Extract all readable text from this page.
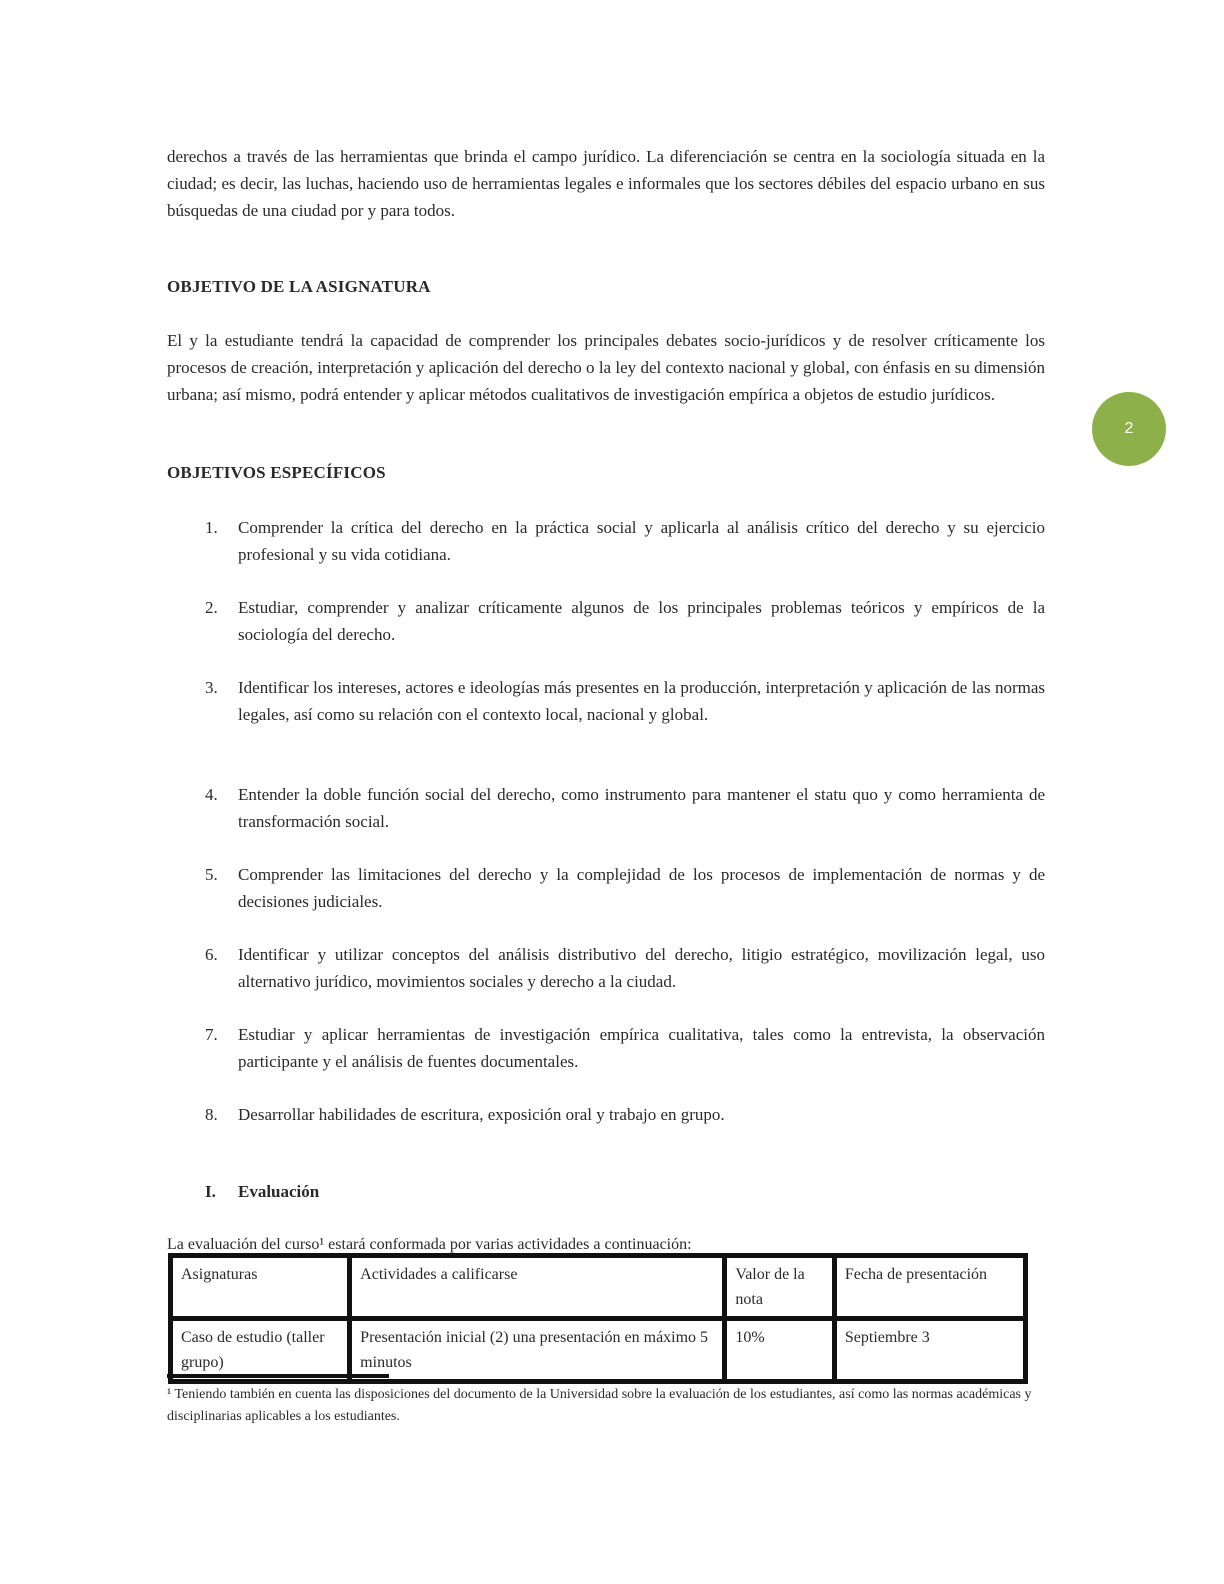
derechos a través de las herramientas que brinda el campo jurídico. La diferenciación se centra en la sociología situada en la ciudad; es decir, las luchas, haciendo uso de herramientas legales e informales que los sectores débiles del espacio urbano en sus búsquedas de una ciudad por y para todos.

OBJETIVO DE LA ASIGNATURA

El y la estudiante tendrá la capacidad de comprender los principales debates socio-jurídicos y de resolver críticamente los procesos de creación, interpretación y aplicación del derecho o la ley del contexto nacional y global, con énfasis en su dimensión urbana; así mismo, podrá entender y aplicar métodos cualitativos de investigación empírica a objetos de estudio jurídicos.

OBJETIVOS ESPECÍFICOS
1.	Comprender la crítica del derecho en la práctica social y aplicarla al análisis crítico del derecho y su ejercicio profesional y su vida cotidiana.
2.	Estudiar, comprender y analizar críticamente algunos de los principales problemas teóricos y empíricos de la sociología del derecho.
3.	Identificar los intereses, actores e ideologías más presentes en la producción, interpretación y aplicación de las normas legales, así como su relación con el contexto local, nacional y global.
4.	Entender la doble función social del derecho, como instrumento para mantener el statu quo y como herramienta de transformación social.
5.	Comprender las limitaciones del derecho y la complejidad de los procesos de implementación de normas y de decisiones judiciales.
6.	Identificar y utilizar conceptos del análisis distributivo del derecho, litigio estratégico, movilización legal, uso alternativo jurídico, movimientos sociales y derecho a la ciudad.
7.	Estudiar y aplicar herramientas de investigación empírica cualitativa, tales como la entrevista, la observación participante y el análisis de fuentes documentales.
8.	Desarrollar habilidades de escritura, exposición oral y trabajo en grupo.
I.	Evaluación
La evaluación del curso¹ estará conformada por varias actividades a continuación:
Asignaturas	Actividades a calificarse	Valor de la nota	Fecha de presentación
Caso de estudio (taller grupo)	Presentación inicial (2) una presentación en máximo 5 minutos	10%	Septiembre 3
¹ Teniendo también en cuenta las disposiciones del documento de la Universidad sobre la evaluación de los estudiantes, así como las normas académicas y disciplinarias aplicables a los estudiantes.
2
